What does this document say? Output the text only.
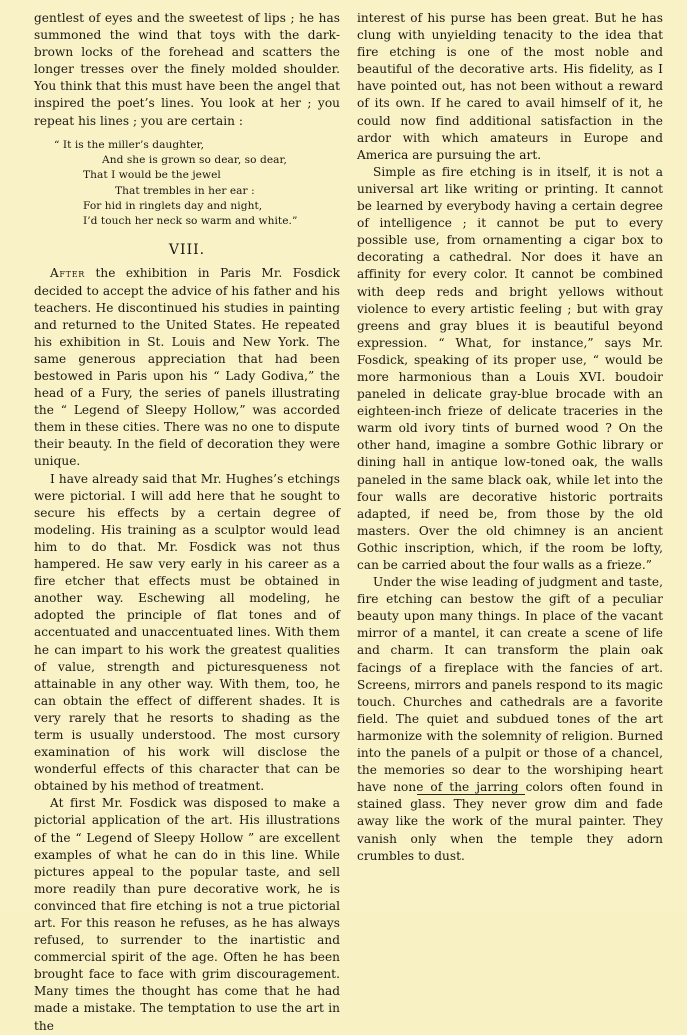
gentlest of eyes and the sweetest of lips ; he has summoned the wind that toys with the dark-brown locks of the forehead and scatters the longer tresses over the finely molded shoulder. You think that this must have been the angel that inspired the poet’s lines. You look at her ; you repeat his lines ; you are certain :

“ It is the miller’s daughter,
And she is grown so dear, so dear,
That I would be the jewel
That trembles in her ear :
For hid in ringlets day and night,
I’d touch her neck so warm and white.”
VIII.

After the exhibition in Paris Mr. Fosdick decided to accept the advice of his father and his teachers. He discontinued his studies in painting and returned to the United States. He repeated his exhibition in St. Louis and New York. The same generous appreciation that had been bestowed in Paris upon his “ Lady Godiva,” the head of a Fury, the series of panels illustrating the “ Legend of Sleepy Hollow,” was accorded them in these cities. There was no one to dispute their beauty. In the field of decoration they were unique.

I have already said that Mr. Hughes’s etchings were pictorial. I will add here that he sought to secure his effects by a certain degree of modeling. His training as a sculptor would lead him to do that. Mr. Fosdick was not thus hampered. He saw very early in his career as a fire etcher that effects must be obtained in another way. Eschewing all modeling, he adopted the principle of flat tones and of accentuated and unaccentuated lines. With them he can impart to his work the greatest qualities of value, strength and picturesqueness not attainable in any other way. With them, too, he can obtain the effect of different shades. It is very rarely that he resorts to shading as the term is usually understood. The most cursory examination of his work will disclose the wonderful effects of this character that can be obtained by his method of treatment.

At first Mr. Fosdick was disposed to make a pictorial application of the art. His illustrations of the “ Legend of Sleepy Hollow ” are excellent examples of what he can do in this line. While pictures appeal to the popular taste, and sell more readily than pure decorative work, he is convinced that fire etching is not a true pictorial art. For this reason he refuses, as he has always refused, to surrender to the inartistic and commercial spirit of the age. Often he has been brought face to face with grim discouragement. Many times the thought has come that he had made a mistake. The temptation to use the art in the

interest of his purse has been great. But he has clung with unyielding tenacity to the idea that fire etching is one of the most noble and beautiful of the decorative arts. His fidelity, as I have pointed out, has not been without a reward of its own. If he cared to avail himself of it, he could now find additional satisfaction in the ardor with which amateurs in Europe and America are pursuing the art.

Simple as fire etching is in itself, it is not a universal art like writing or printing. It cannot be learned by everybody having a certain degree of intelligence ; it cannot be put to every possible use, from ornamenting a cigar box to decorating a cathedral. Nor does it have an affinity for every color. It cannot be combined with deep reds and bright yellows without violence to every artistic feeling ; but with gray greens and gray blues it is beautiful beyond expression. “ What, for instance,” says Mr. Fosdick, speaking of its proper use, “ would be more harmonious than a Louis XVI. boudoir paneled in delicate gray-blue brocade with an eighteen-inch frieze of delicate traceries in the warm old ivory tints of burned wood ? On the other hand, imagine a sombre Gothic library or dining hall in antique low-toned oak, the walls paneled in the same black oak, while let into the four walls are decorative historic portraits adapted, if need be, from those by the old masters. Over the old chimney is an ancient Gothic inscription, which, if the room be lofty, can be carried about the four walls as a frieze.”

Under the wise leading of judgment and taste, fire etching can bestow the gift of a peculiar beauty upon many things. In place of the vacant mirror of a mantel, it can create a scene of life and charm. It can transform the plain oak facings of a fireplace with the fancies of art. Screens, mirrors and panels respond to its magic touch. Churches and cathedrals are a favorite field. The quiet and subdued tones of the art harmonize with the solemnity of religion. Burned into the panels of a pulpit or those of a chancel, the memories so dear to the worshiping heart have none of the jarring colors often found in stained glass. They never grow dim and fade away like the work of the mural painter. They vanish only when the temple they adorn crumbles to dust.
